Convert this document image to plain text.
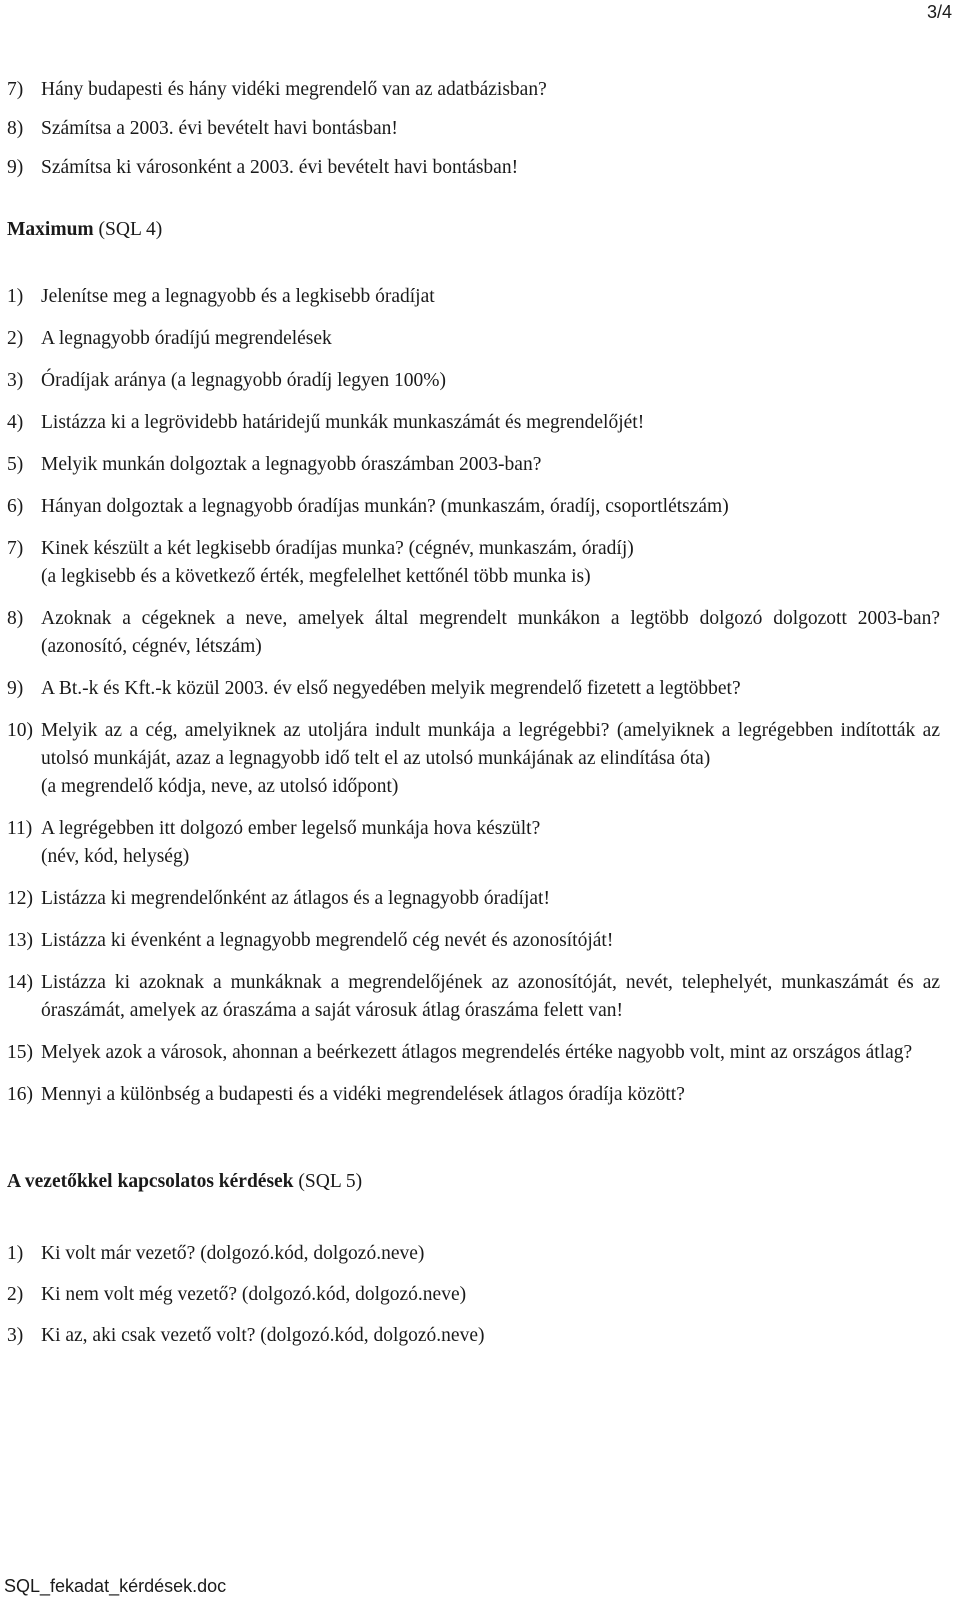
3/4
7) Hány budapesti és hány vidéki megrendelő van az adatbázisban?
8) Számítsa a 2003. évi bevételt havi bontásban!
9) Számítsa ki városonként a 2003. évi bevételt havi bontásban!
Maximum (SQL 4)
1) Jelenítse meg a legnagyobb és a legkisebb óradíjat
2) A legnagyobb óradíjú megrendelések
3) Óradíjak aránya (a legnagyobb óradíj legyen 100%)
4) Listázza ki a legrövidebb határidejű munkák munkaszámát és megrendelőjét!
5) Melyik munkán dolgoztak a legnagyobb óraszámban 2003-ban?
6) Hányan dolgoztak a legnagyobb óradíjas munkán? (munkaszám, óradíj, csoportlétszám)
7) Kinek készült a két legkisebb óradíjas munka? (cégnév, munkaszám, óradíj)
(a legkisebb és a következő érték, megfelelhet kettőnél több munka is)
8) Azoknak a cégeknek a neve, amelyek által megrendelt munkákon a legtöbb dolgozó dolgozott 2003-ban? (azonosító, cégnév, létszám)
9) A Bt.-k és Kft.-k közül 2003. év első negyedében melyik megrendelő fizetett a legtöbbet?
10) Melyik az a cég, amelyiknek az utoljára indult munkája a legrégebbi? (amelyiknek a legrégebben indították az utolsó munkáját, azaz a legnagyobb idő telt el az utolsó munkájának az elindítása óta)
(a megrendelő kódja, neve, az utolsó időpont)
11) A legrégebben itt dolgozó ember legelső munkája hova készült?
(név, kód, helység)
12) Listázza ki megrendelőnként az átlagos és a legnagyobb óradíjat!
13) Listázza ki évenként a legnagyobb megrendelő cég nevét és azonosítóját!
14) Listázza ki azoknak a munkáknak a megrendelőjének az azonosítóját, nevét, telephelyét, munkaszámát és az óraszámát, amelyek az óraszáma a saját városuk átlag óraszáma felett van!
15) Melyek azok a városok, ahonnan a beérkezett átlagos megrendelés értéke nagyobb volt, mint az országos átlag?
16) Mennyi a különbség a budapesti és a vidéki megrendelések átlagos óradíja között?
A vezetőkkel kapcsolatos kérdések (SQL 5)
1) Ki volt már vezető? (dolgozó.kód, dolgozó.neve)
2) Ki nem volt még vezető? (dolgozó.kód, dolgozó.neve)
3) Ki az, aki csak vezető volt? (dolgozó.kód, dolgozó.neve)
SQL_fekadat_kérdések.doc
